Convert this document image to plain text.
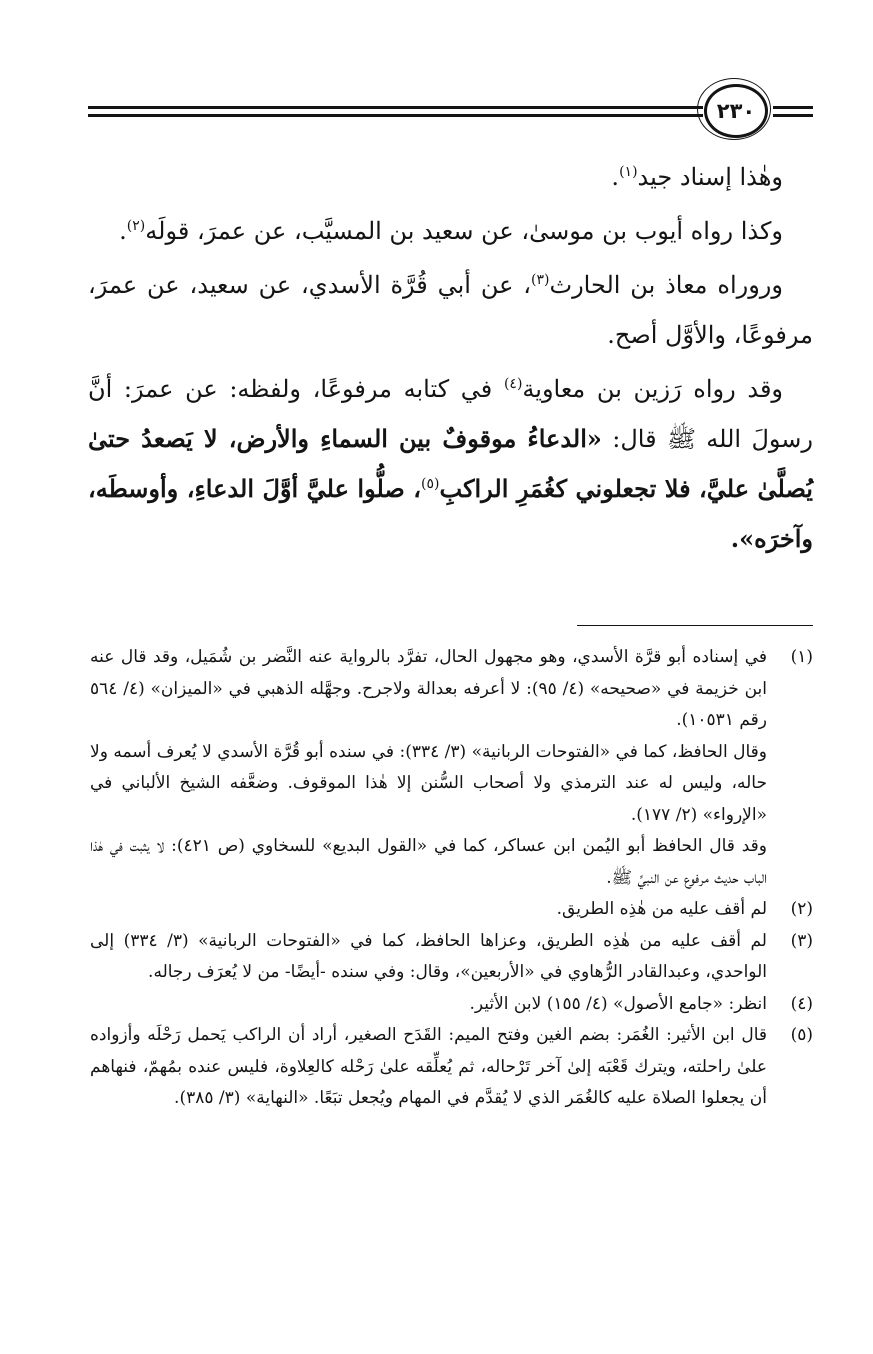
٢٣٠

وهٰذا إسناد جيد$^{(١)}$.

وكذا رواه أيوب بن موسىٰ، عن سعيد بن المسيَّب، عن عمرَ، قولَه$^{(٢)}$.

وروراه معاذ بن الحارث$^{(٣)}$، عن أبي قُرَّة الأسدي، عن سعيد، عن عمرَ، مرفوعًا، والأوَّل أصح.

وقد رواه رَزين بن معاوية$^{(٤)}$ في كتابه مرفوعًا، ولفظه: عن عمرَ: أنَّ رسولَ الله ﷺ قال: «الدعاءُ موقوفٌ بين السماءِ والأرض، لا يَصعدُ حتىٰ يُصلَّىٰ عليَّ، فلا تجعلوني كغُمَرِ الراكبِ$^{(٥)}$، صلُّوا عليَّ أوَّلَ الدعاءِ، وأوسطَه، وآخرَه».

(١)

في إسناده أبو قرَّة الأسدي، وهو مجهول الحال، تفرَّد بالرواية عنه النَّضر بن شُمَيل، وقد قال عنه ابن خزيمة في «صحيحه» (٤/ ٩٥): لا أعرفه بعدالة ولاجرح. وجهَّله الذهبي في «الميزان» (٤/ ٥٦٤ رقم ١٠٥٣١).

وقال الحافظ، كما في «الفتوحات الربانية» (٣/ ٣٣٤): في سنده أبو قُرَّة الأسدي لا يُعرف أسمه ولا حاله، وليس له عند الترمذي ولا أصحاب السُّنن إلا هٰذا الموقوف. وضعَّفه الشيخ الألباني في «الإرواء» (٢/ ١٧٧).

وقد قال الحافظ أبو اليُمن ابن عساكر، كما في «القول البديع» للسخاوي (ص ٤٢١): لا يثبت في هٰذا الباب حديث مرفوع عن النبيِّ ﷺ.

(٢)

لم أقف عليه من هٰذِه الطريق.

(٣)

لم أقف عليه من هٰذِه الطريق، وعزاها الحافظ، كما في «الفتوحات الربانية» (٣/ ٣٣٤) إلى الواحدي، وعبدالقادر الرُّهاوي في «الأربعين»، وقال: وفي سنده -أيضًا- من لا يُعرَف رجاله.

(٤)

انظر: «جامع الأصول» (٤/ ١٥٥) لابن الأثير.

(٥)

قال ابن الأثير: الغُمَر: بضم الغين وفتح الميم: القَدَح الصغير، أراد أن الراكب يَحمل رَحْلَه وأزواده علىٰ راحلته، ويترك قَعْبَه إلىٰ آخر تَرْحاله، ثم يُعلِّقه علىٰ رَحْله كالعِلاوة، فليس عنده بمُهمّ، فنهاهم أن يجعلوا الصلاة عليه كالغُمَر الذي لا يُقدَّم في المهام ويُجعل تبَعًا. «النهاية» (٣/ ٣٨٥).
